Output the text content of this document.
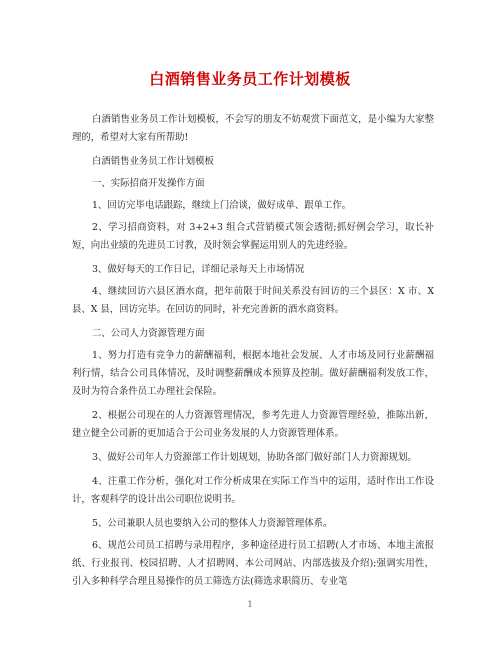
白酒销售业务员工作计划模板

白酒销售业务员工作计划模板，不会写的朋友不妨观赏下面范文，是小编为大家整理的，希望对大家有所帮助!

白酒销售业务员工作计划模板

一、实际招商开发操作方面

1、回访完毕电话跟踪，继续上门洽谈，做好成单、跟单工作。

2、学习招商资料，对 3+2+3 组合式营销模式领会透彻;抓好例会学习，取长补短，向出业绩的先进员工讨教，及时领会掌握运用别人的先进经验。

3、做好每天的工作日记，详细记录每天上市场情况

4、继续回访六县区酒水商，把年前限于时间关系没有回访的三个县区：X 市、X 县、X 县，回访完毕。在回访的同时，补充完善新的酒水商资料。

二、公司人力资源管理方面

1、努力打造有竞争力的薪酬福利，根据本地社会发展、人才市场及同行业薪酬福利行情，结合公司具体情况，及时调整薪酬成本预算及控制。做好薪酬福利发放工作，及时为符合条件员工办理社会保险。

2、根据公司现在的人力资源管理情况，参考先进人力资源管理经验，推陈出新，建立健全公司新的更加适合于公司业务发展的人力资源管理体系。

3、做好公司年人力资源部工作计划规划，协助各部门做好部门人力资源规划。

4、注重工作分析，强化对工作分析成果在实际工作当中的运用，适时作出工作设计，客观科学的设计出公司职位说明书。

5、公司兼职人员也要纳入公司的整体人力资源管理体系。

6、规范公司员工招聘与录用程序，多种途径进行员工招聘(人才市场、本地主流报纸、行业报刊、校园招聘、人才招聘网、本公司网站、内部选拔及介绍);强调实用性，引入多种科学合理且易操作的员工筛选方法(筛选求职简历、专业笔

1
